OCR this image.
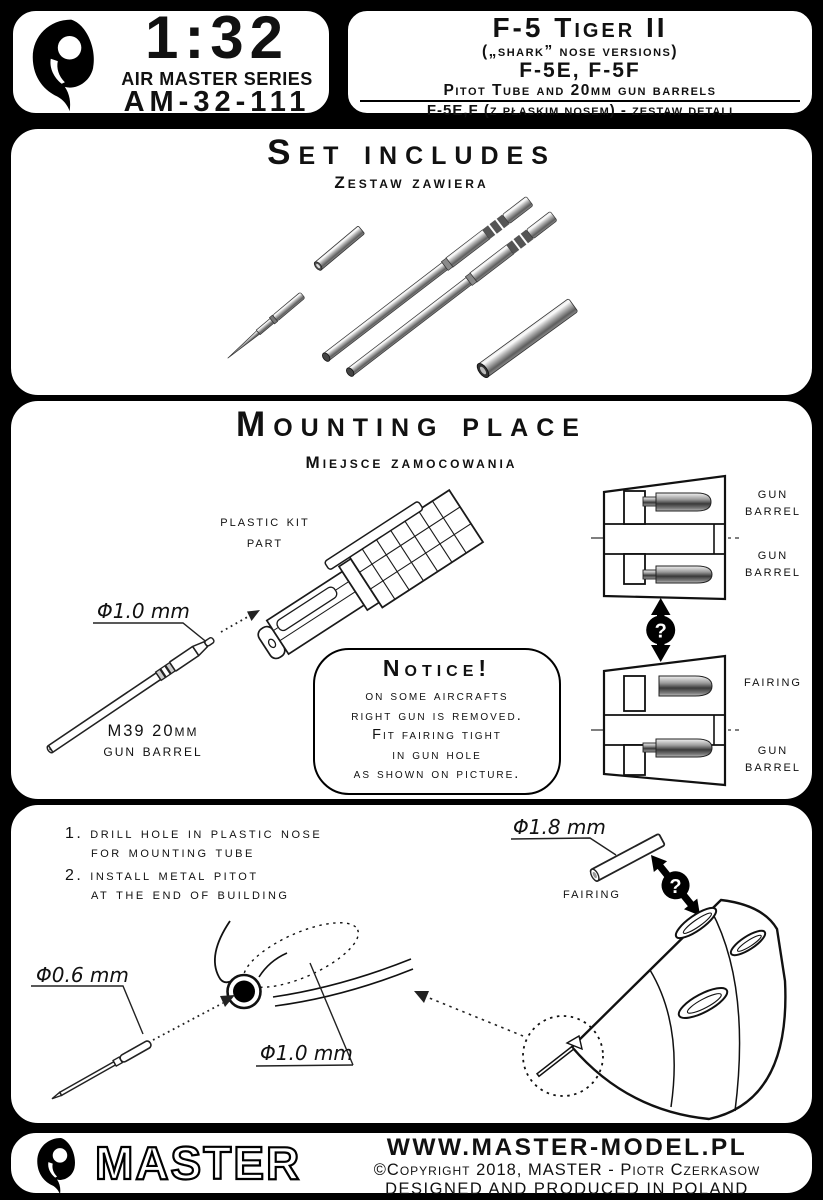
1:32
AIR MASTER SERIES
AM-32-111
F-5 Tiger II
(„shark” nose versions)
F-5E, F-5F
Pitot Tube and 20mm gun barrels
F-5E,F (z płaskim nosem) - zestaw detali
Set includes
Zestaw zawiera
?
Mounting place
Miejsce zamocowania
plastic kit
part
Φ1.0 mm
M39 20mm
gun barrel
Notice!
on some aircrafts
right gun is removed.
Fit fairing tight
in gun hole
as shown on picture.
gun
barrel
gun
barrel
fairing
gun
barrel
?
1. drill hole in plastic nose
for mounting tube
2. install metal pitot
at the end of building
Φ1.8 mm
fairing
Φ0.6 mm
Φ1.0 mm
MASTER	WWW.MASTER-MODEL.PL
©Copyright 2018, MASTER - Piotr Czerkasow
DESIGNED AND PRODUCED IN POLAND
